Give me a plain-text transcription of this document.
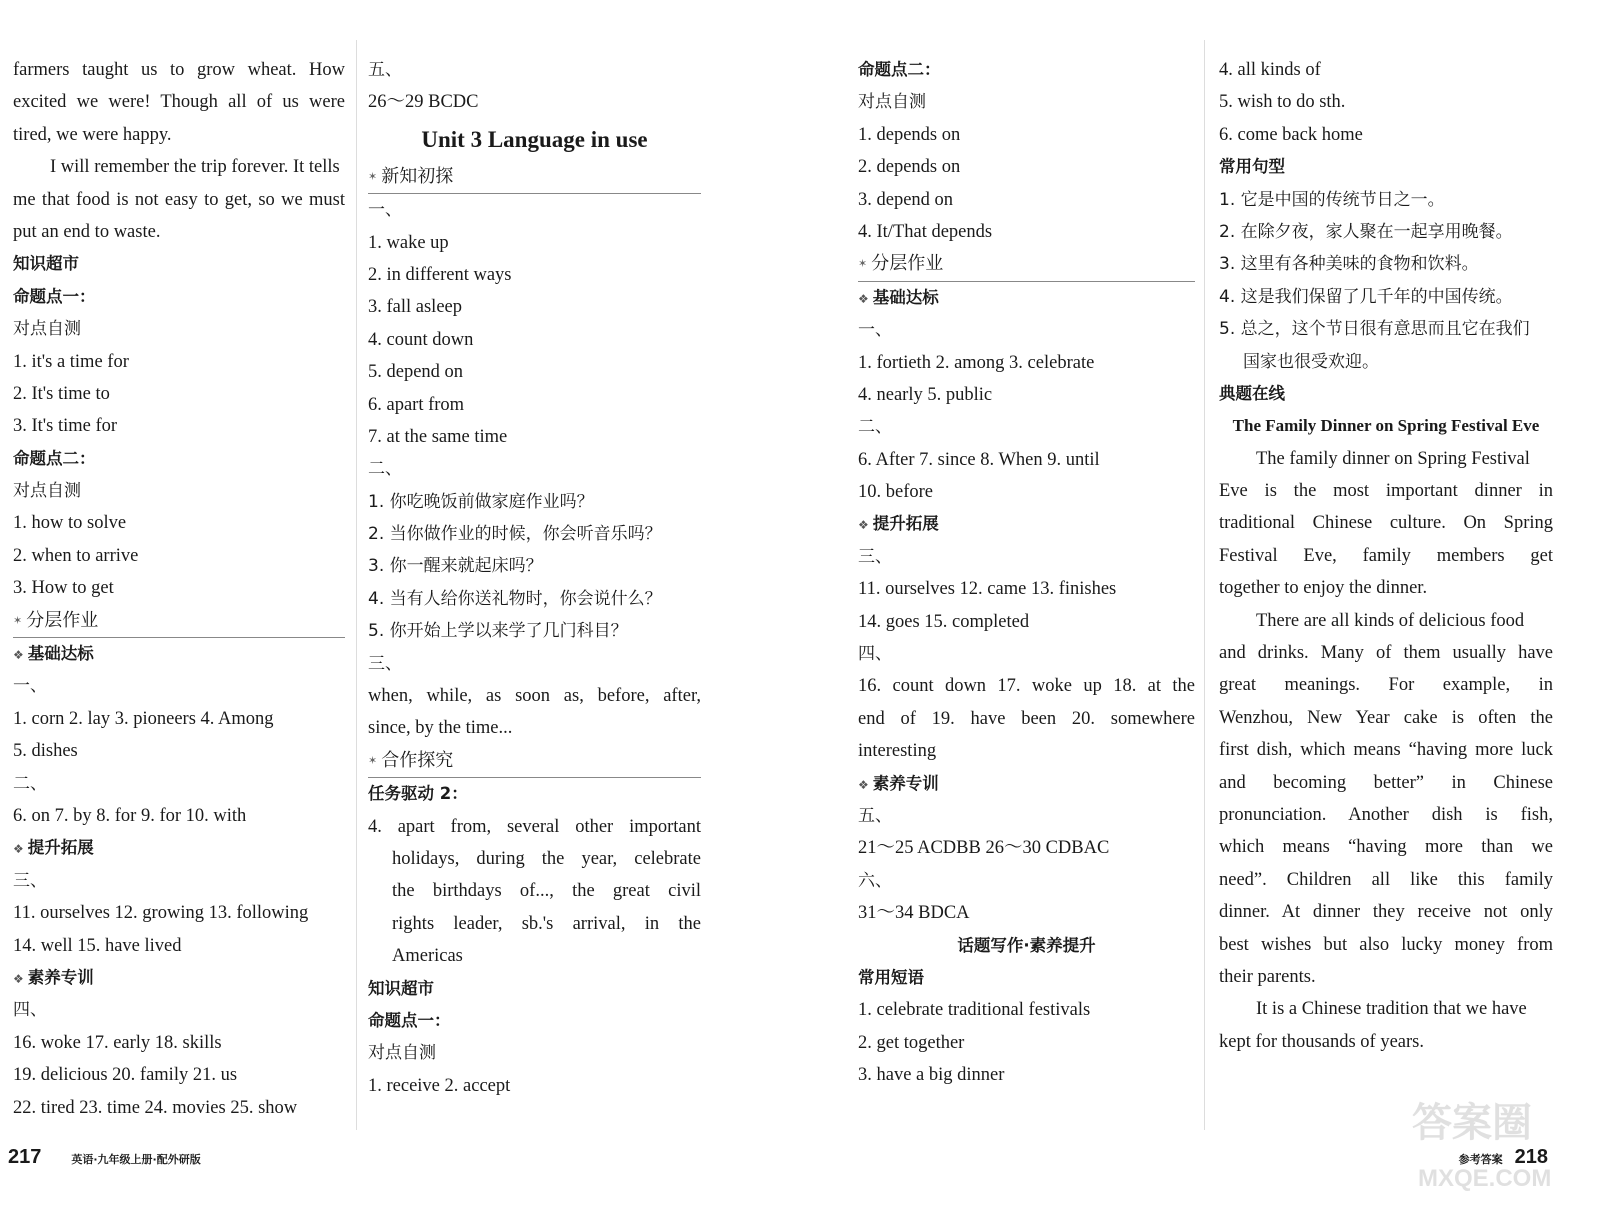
farmers taught us to grow wheat. How
excited we were! Though all of us were
tired, we were happy.
I will remember the trip forever. It tells
me that food is not easy to get, so we must
put an end to waste.
知识超市
命题点一：
对点自测
1. it's a time for
2. It's time to
3. It's time for
命题点二：
对点自测
1. how to solve
2. when to arrive
3. How to get
✶ 分层作业
❖ 基础达标
一、
1. corn 2. lay 3. pioneers 4. Among
5. dishes
二、
6. on 7. by 8. for 9. for 10. with
❖ 提升拓展
三、
11. ourselves 12. growing 13. following
14. well 15. have lived
❖ 素养专训
四、
16. woke 17. early 18. skills
19. delicious 20. family 21. us
22. tired 23. time 24. movies 25. show
五、
26～29 BCDC
Unit 3 Language in use
✶ 新知初探
一、
1. wake up
2. in different ways
3. fall asleep
4. count down
5. depend on
6. apart from
7. at the same time
二、
1. 你吃晚饭前做家庭作业吗？
2. 当你做作业的时候，你会听音乐吗？
3. 你一醒来就起床吗？
4. 当有人给你送礼物时，你会说什么？
5. 你开始上学以来学了几门科目？
三、
when, while, as soon as, before, after,
since, by the time...
✶ 合作探究
任务驱动 2：
4. apart from, several other important
holidays, during the year, celebrate
the birthdays of..., the great civil
rights leader, sb.'s arrival, in the
Americas
知识超市
命题点一：
对点自测
1. receive 2. accept
命题点二：
对点自测
1. depends on
2. depends on
3. depend on
4. It/That depends
✶ 分层作业
❖ 基础达标
一、
1. fortieth 2. among 3. celebrate
4. nearly 5. public
二、
6. After 7. since 8. When 9. until
10. before
❖ 提升拓展
三、
11. ourselves 12. came 13. finishes
14. goes 15. completed
四、
16. count down 17. woke up 18. at the
end of 19. have been 20. somewhere
interesting
❖ 素养专训
五、
21～25 ACDBB 26～30 CDBAC
六、
31～34 BDCA
话题写作·素养提升
常用短语
1. celebrate traditional festivals
2. get together
3. have a big dinner
4. all kinds of
5. wish to do sth.
6. come back home
常用句型
1. 它是中国的传统节日之一。
2. 在除夕夜，家人聚在一起享用晚餐。
3. 这里有各种美味的食物和饮料。
4. 这是我们保留了几千年的中国传统。
5. 总之，这个节日很有意思而且它在我们
国家也很受欢迎。
典题在线
The Family Dinner on Spring Festival Eve
The family dinner on Spring Festival
Eve is the most important dinner in
traditional Chinese culture. On Spring
Festival Eve, family members get
together to enjoy the dinner.
There are all kinds of delicious food
and drinks. Many of them usually have
great meanings. For example, in
Wenzhou, New Year cake is often the
first dish, which means “having more luck
and becoming better” in Chinese
pronunciation. Another dish is fish,
which means “having more than we
need”. Children all like this family
dinner. At dinner they receive not only
best wishes but also lucky money from
their parents.
It is a Chinese tradition that we have
kept for thousands of years.
217	英语·九年级上册·配外研版	参考答案 218
答案圈
MXQE.COM
